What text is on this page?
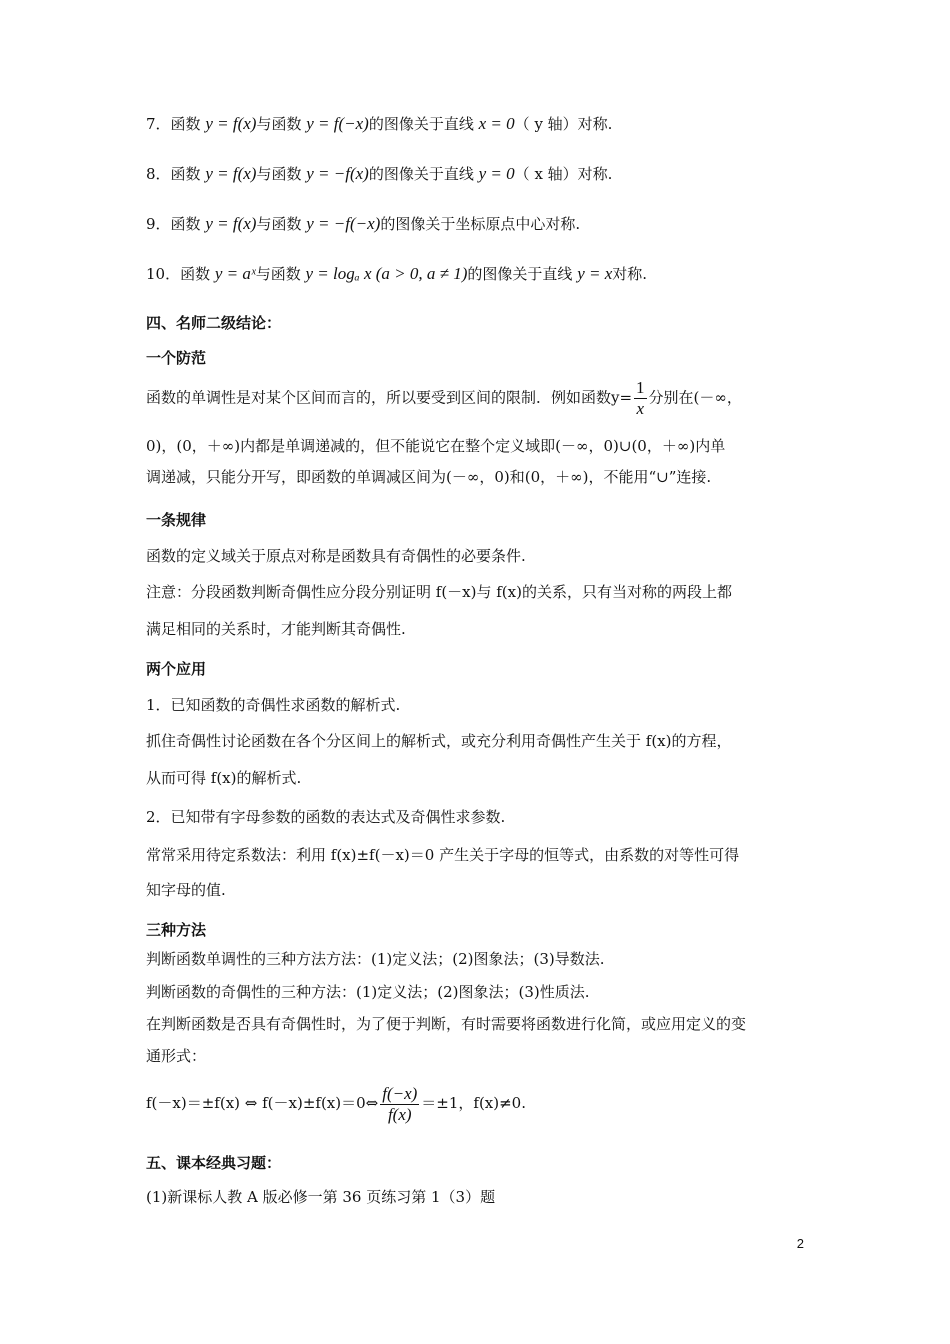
7．函数 y = f(x)与函数 y = f(−x)的图像关于直线 x = 0（ y 轴）对称.
8．函数 y = f(x)与函数 y = −f(x)的图像关于直线 y = 0（ x 轴）对称.
9．函数 y = f(x)与函数 y = −f(−x)的图像关于坐标原点中心对称.
10．函数 y = aˣ与函数 y = logₐ x (a > 0, a ≠ 1)的图像关于直线 y = x对称.
四、名师二级结论：
一个防范
函数的单调性是对某个区间而言的，所以要受到区间的限制．例如函数$y= \frac{1}{x}$ 分别在(－∞，
0)，(0，＋∞)内都是单调递减的，但不能说它在整个定义域即(－∞，0)∪(0，＋∞)内单
调递减，只能分开写，即函数的单调减区间为(－∞，0)和(0，＋∞)，不能用“∪”连接.
一条规律
函数的定义域关于原点对称是函数具有奇偶性的必要条件.
注意：分段函数判断奇偶性应分段分别证明 f(－x)与 f(x)的关系，只有当对称的两段上都
满足相同的关系时，才能判断其奇偶性.
两个应用
1．已知函数的奇偶性求函数的解析式.
抓住奇偶性讨论函数在各个分区间上的解析式，或充分利用奇偶性产生关于 f(x)的方程，
从而可得 f(x)的解析式.
2．已知带有字母参数的函数的表达式及奇偶性求参数.
常常采用待定系数法：利用 f(x)±f(－x)＝0 产生关于字母的恒等式，由系数的对等性可得
知字母的值.
三种方法
判断函数单调性的三种方法方法：(1)定义法；(2)图象法；(3)导数法.
判断函数的奇偶性的三种方法：(1)定义法；(2)图象法；(3)性质法.
在判断函数是否具有奇偶性时，为了便于判断，有时需要将函数进行化简，或应用定义的变
通形式：
f(－x)＝±f(x) ⇔ f(－x)±f(x)＝0⇔ $\frac{f(-x)}{f(x)} =\pm 1$，f(x)≠0.
五、课本经典习题：
(1)新课标人教 A 版必修一第 36 页练习第 1（3）题
2
